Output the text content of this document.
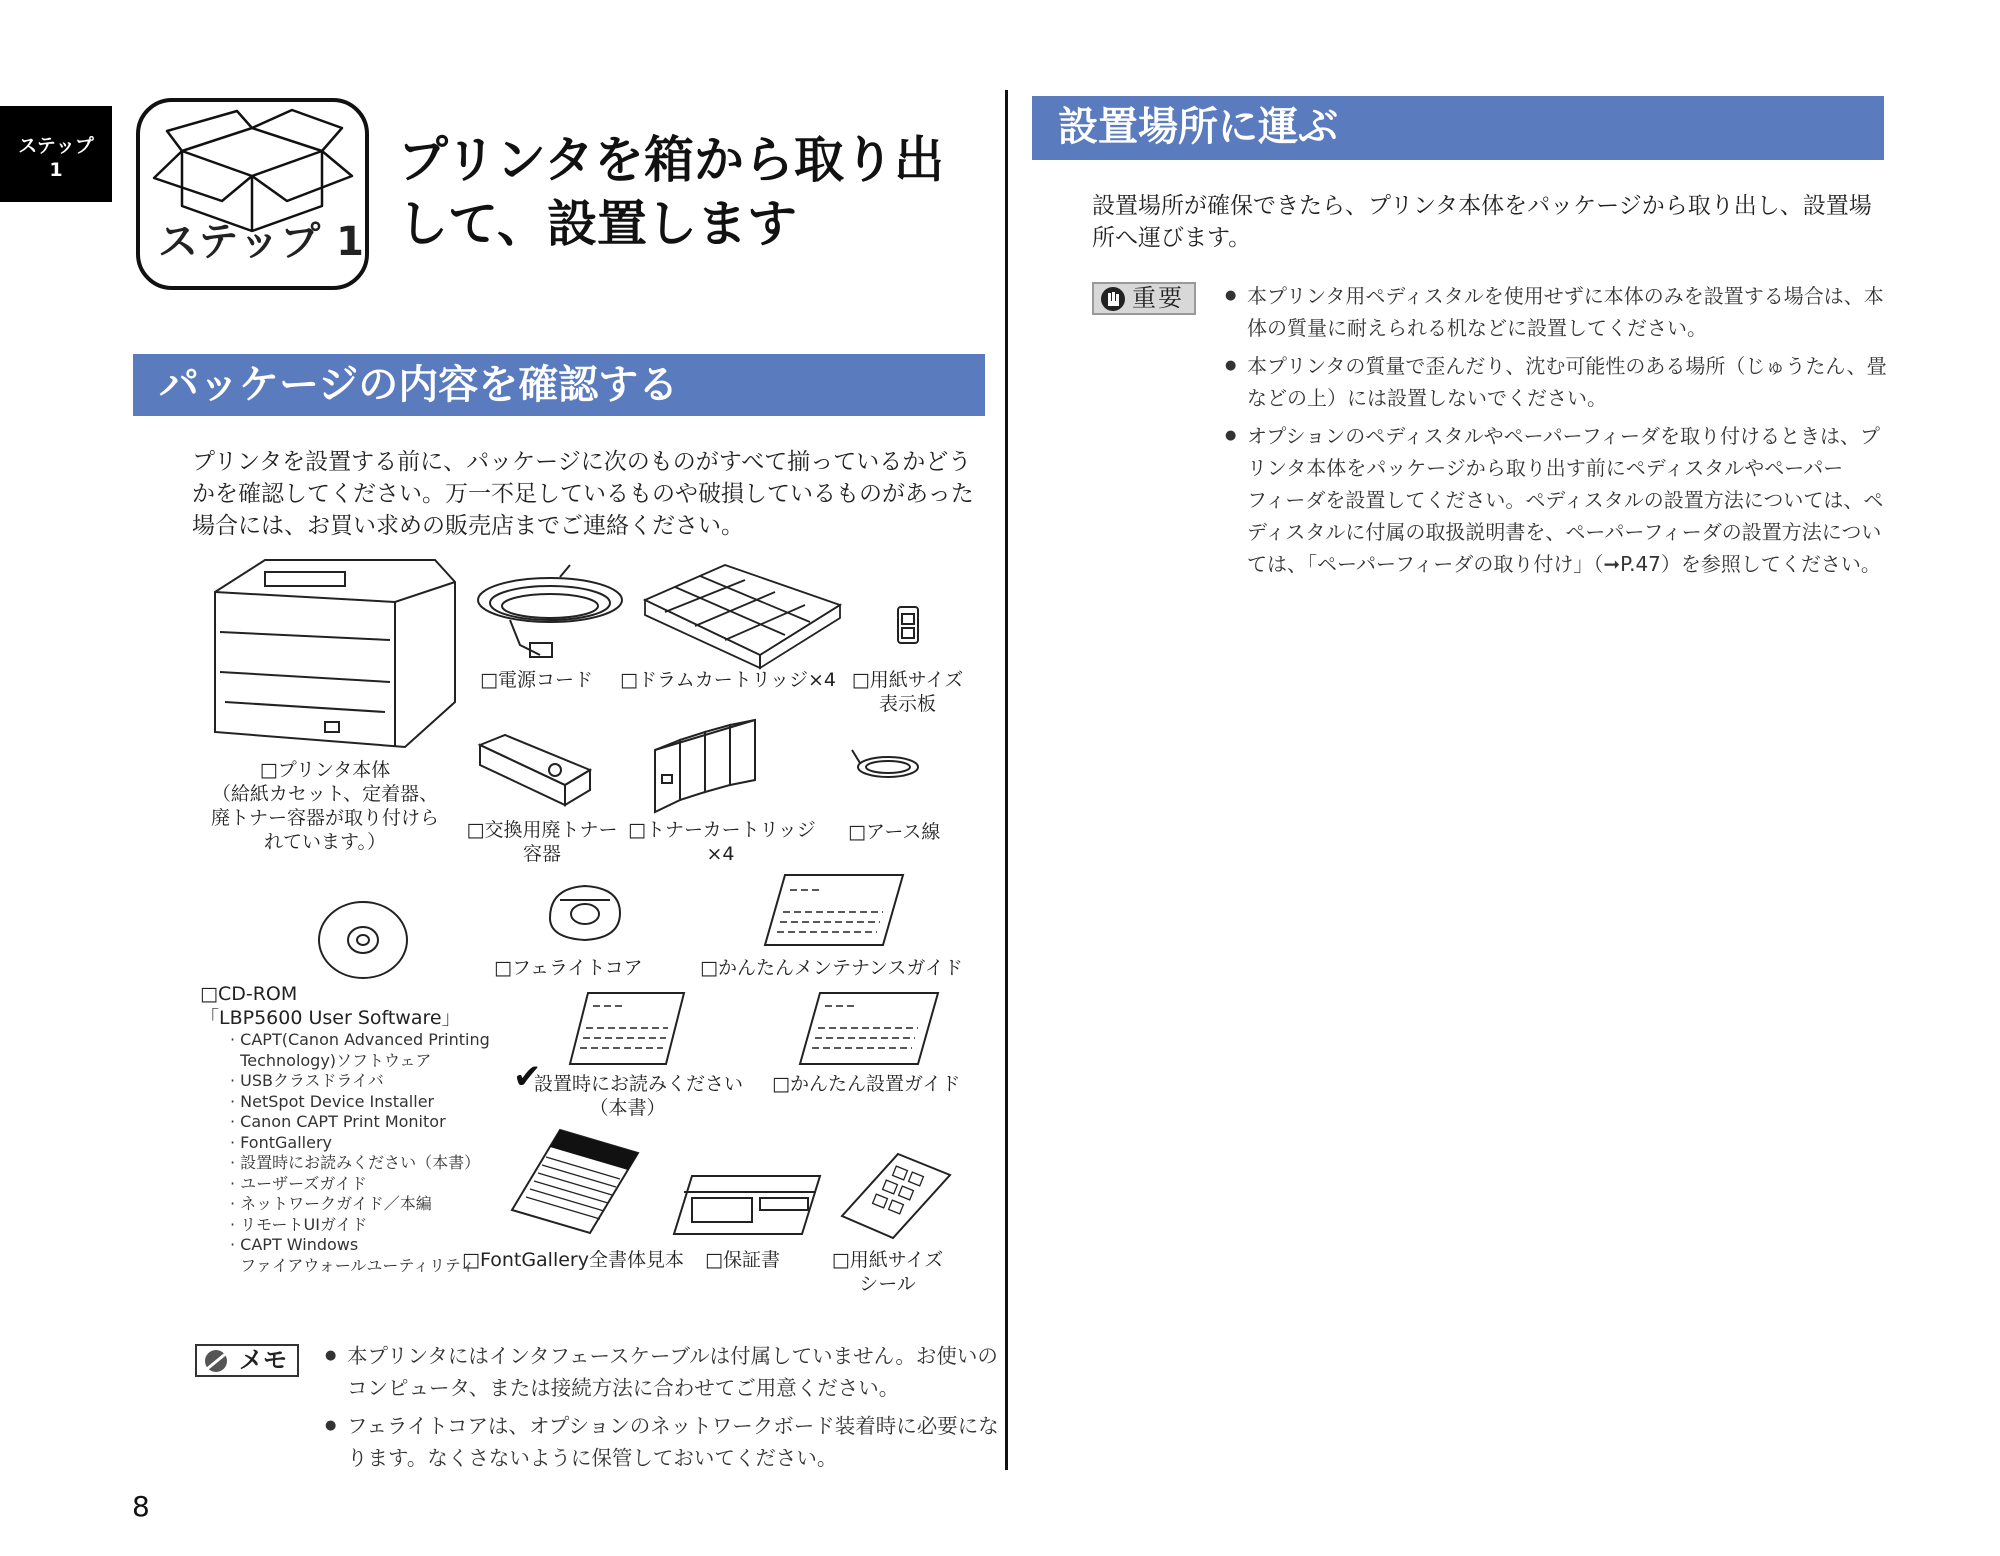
ステップ
1
ステップ 1
プリンタを箱から取り出
して、設置します
パッケージの内容を確認する
プリンタを設置する前に、パッケージに次のものがすべて揃っているかどう
かを確認してください。万一不足しているものや破損しているものがあった
場合には、お買い求めの販売店までご連絡ください。
□プリンタ本体
（給紙カセット、定着器、
廃トナー容器が取り付けら
れています。）
□電源コード □ドラムカートリッジ×4 □用紙サイズ
表示板
□交換用廃トナー
容器
□トナーカートリッジ
×4
□アース線
□CD-ROM
「LBP5600 User Software」
· CAPT(Canon Advanced Printing
Technology)ソフトウェア
· USBクラスドライバ
· NetSpot Device Installer
· Canon CAPT Print Monitor
· FontGallery
· 設置時にお読みください（本書）
· ユーザーズガイド
· ネットワークガイド／本編
· リモートUIガイド
· CAPT Windows
ファイアウォールユーティリティ
□フェライトコア	□かんたんメンテナンスガイド
✔
設置時にお読みください
（本書）
□かんたん設置ガイド
□FontGallery全書体見本 □保証書	□用紙サイズ
シール
メモ	● 本プリンタにはインタフェースケーブルは付属していません。お使いの
コンピュータ、または接続方法に合わせてご用意ください。
● フェライトコアは、オプションのネットワークボード装着時に必要にな
ります。なくさないように保管しておいてください。
8
設置場所に運ぶ
設置場所が確保できたら、プリンタ本体をパッケージから取り出し、設置場
所へ運びます。
重要	● 本プリンタ用ペディスタルを使用せずに本体のみを設置する場合は、本
体の質量に耐えられる机などに設置してください。
● 本プリンタの質量で歪んだり、沈む可能性のある場所（じゅうたん、畳
などの上）には設置しないでください。
● オプションのペディスタルやペーパーフィーダを取り付けるときは、プ
リンタ本体をパッケージから取り出す前にペディスタルやペーパー
フィーダを設置してください。ペディスタルの設置方法については、ペ
ディスタルに付属の取扱説明書を、ペーパーフィーダの設置方法につい
ては、「ペーパーフィーダの取り付け」（➞P.47）を参照してください。
